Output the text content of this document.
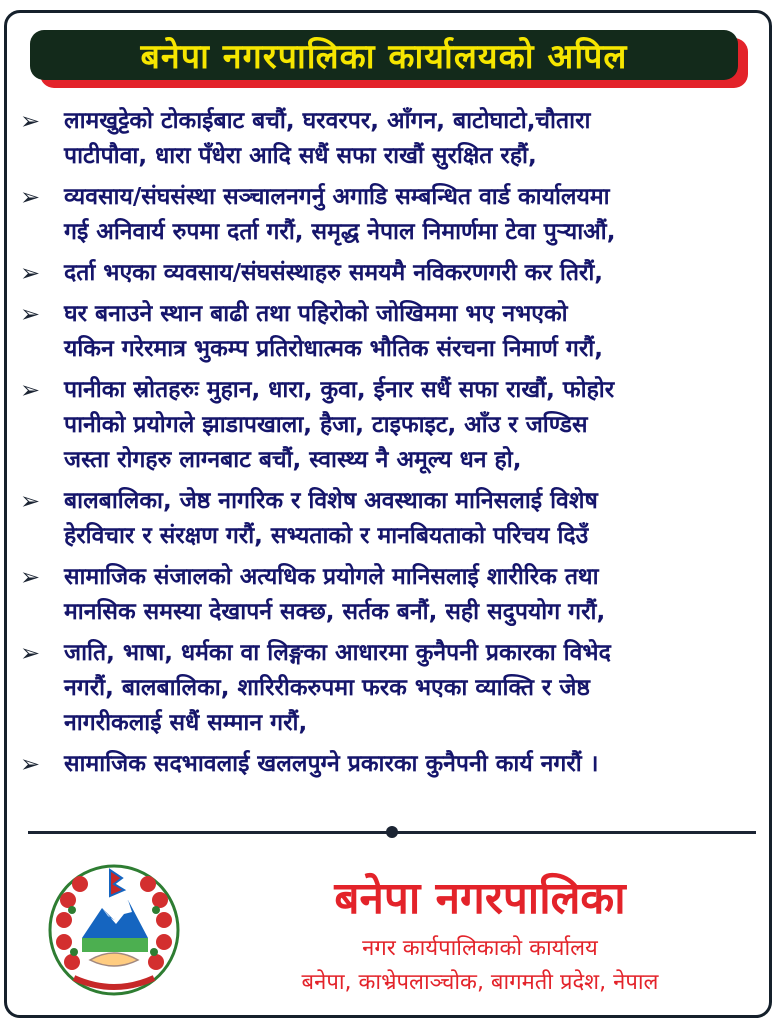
बनेपा नगरपालिका कार्यालयको अपिल
➢	लामखुट्टेको टोकाईबाट बचौं, घरवरपर, आँगन, बाटोघाटो,चौतारा
पाटीपौवा, धारा पँधेरा आदि सधैं सफा राखौं सुरक्षित रहौं,
➢	व्यवसाय/संघसंस्था सञ्चालनगर्नु अगाडि सम्बन्धित वार्ड कार्यालयमा
गई अनिवार्य रुपमा दर्ता गरौं, समृद्ध नेपाल निमार्णमा टेवा पुऱ्याऔं,
➢	दर्ता भएका व्यवसाय/संघसंस्थाहरु समयमै नविकरणगरी कर तिरौं,
➢	घर बनाउने स्थान बाढी तथा पहिरोको जोखिममा भए नभएको
यकिन गरेरमात्र भुकम्प प्रतिरोधात्मक भौतिक संरचना निमार्ण गरौं,
➢	पानीका स्रोतहरुः मुहान, धारा, कुवा, ईनार सधैं सफा राखौं, फोहोर
पानीको प्रयोगले झाडापखाला, हैजा, टाइफाइट, आँउ र जण्डिस
जस्ता रोगहरु लाग्नबाट बचौं, स्वास्थ्य नै अमूल्य धन हो,
➢	बालबालिका, जेष्ठ नागरिक र विशेष अवस्थाका मानिसलाई विशेष
हेरविचार र संरक्षण गरौं, सभ्यताको र मानबियताको परिचय दिउँ
➢	सामाजिक संजालको अत्यधिक प्रयोगले मानिसलाई शारीरिक तथा
मानसिक समस्या देखापर्न सक्छ, सर्तक बनौं, सही सदुपयोग गरौं,
➢	जाति, भाषा, धर्मका वा लिङ्गका आधारमा कुनैपनी प्रकारका विभेद
नगरौं, बालबालिका, शारिरीकरुपमा फरक भएका व्याक्ति र जेष्ठ
नागरीकलाई सधैं सम्मान गरौं,
➢	सामाजिक सदभावलाई खललपुग्ने प्रकारका कुनैपनी कार्य नगरौं ।
बनेपा नगरपालिका
नगर कार्यपालिकाको कार्यालय
बनेपा, काभ्रेपलाञ्चोक, बागमती प्रदेश, नेपाल
